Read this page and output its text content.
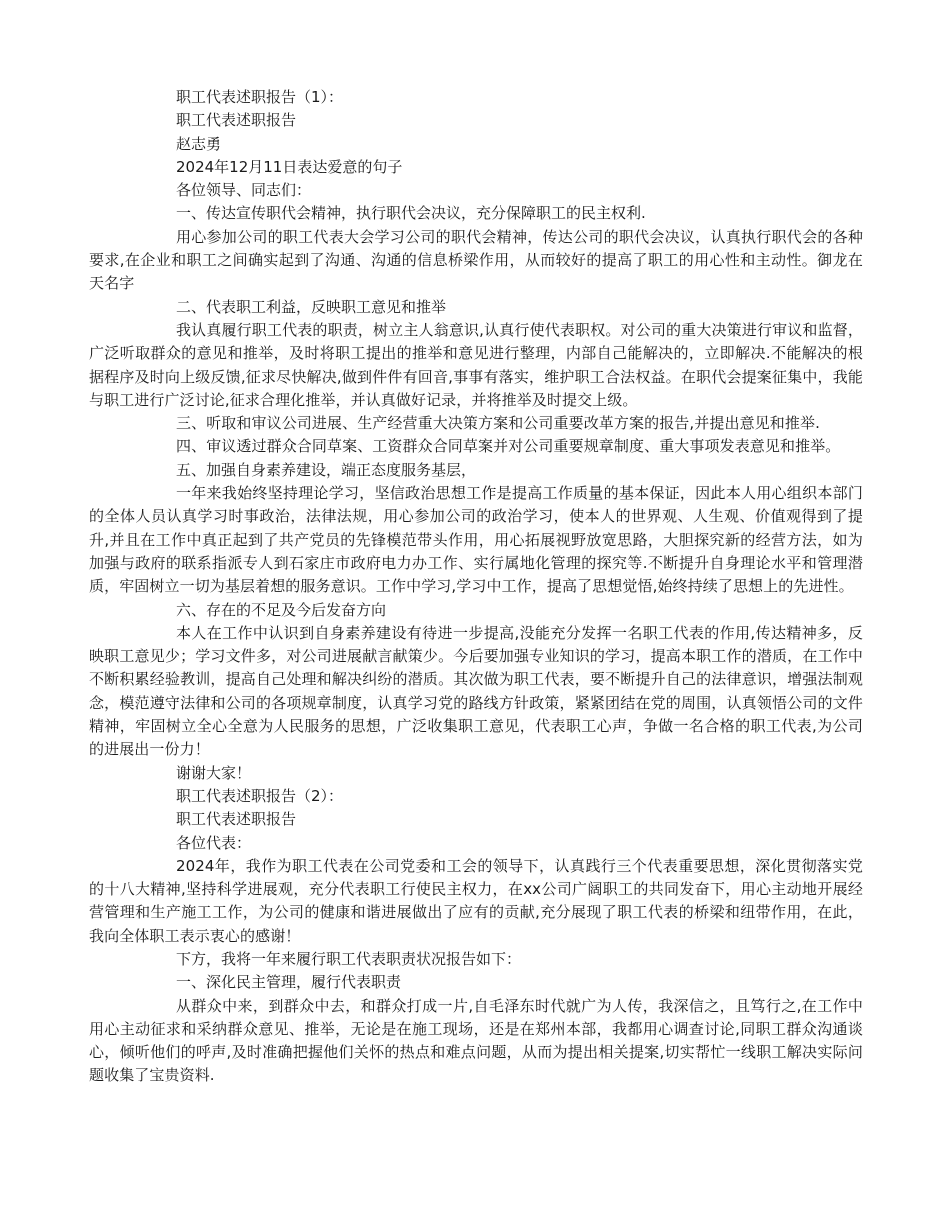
职工代表述职报告（1）：

职工代表述职报告

赵志勇

2024年12月11日表达爱意的句子

各位领导、同志们：

一、传达宣传职代会精神，执行职代会决议，充分保障职工的民主权利.

用心参加公司的职工代表大会学习公司的职代会精神，传达公司的职代会决议，认真执行职代会的各种要求,在企业和职工之间确实起到了沟通、沟通的信息桥梁作用，从而较好的提高了职工的用心性和主动性。御龙在天名字

二、代表职工利益，反映职工意见和推举

我认真履行职工代表的职责，树立主人翁意识,认真行使代表职权。对公司的重大决策进行审议和监督，广泛听取群众的意见和推举，及时将职工提出的推举和意见进行整理，内部自己能解决的，立即解决.不能解决的根据程序及时向上级反馈,征求尽快解决,做到件件有回音,事事有落实，维护职工合法权益。在职代会提案征集中，我能与职工进行广泛讨论,征求合理化推举，并认真做好记录，并将推举及时提交上级。

三、听取和审议公司进展、生产经营重大决策方案和公司重要改革方案的报告,并提出意见和推举.

四、审议透过群众合同草案、工资群众合同草案并对公司重要规章制度、重大事项发表意见和推举。

五、加强自身素养建设，端正态度服务基层，

一年来我始终坚持理论学习，坚信政治思想工作是提高工作质量的基本保证，因此本人用心组织本部门的全体人员认真学习时事政治，法律法规，用心参加公司的政治学习，使本人的世界观、人生观、价值观得到了提升,并且在工作中真正起到了共产党员的先锋模范带头作用，用心拓展视野放宽思路，大胆探究新的经营方法，如为加强与政府的联系指派专人到石家庄市政府电力办工作、实行属地化管理的探究等.不断提升自身理论水平和管理潜质，牢固树立一切为基层着想的服务意识。工作中学习,学习中工作，提高了思想觉悟,始终持续了思想上的先进性。

六、存在的不足及今后发奋方向

本人在工作中认识到自身素养建设有待进一步提高,没能充分发挥一名职工代表的作用,传达精神多，反映职工意见少；学习文件多，对公司进展献言献策少。今后要加强专业知识的学习，提高本职工作的潜质，在工作中不断积累经验教训，提高自己处理和解决纠纷的潜质。其次做为职工代表，要不断提升自己的法律意识，增强法制观念，模范遵守法律和公司的各项规章制度，认真学习党的路线方针政策，紧紧团结在党的周围，认真领悟公司的文件精神，牢固树立全心全意为人民服务的思想，广泛收集职工意见，代表职工心声，争做一名合格的职工代表,为公司的进展出一份力！

谢谢大家！

职工代表述职报告（2）：

职工代表述职报告

各位代表：

2024年，我作为职工代表在公司党委和工会的领导下，认真践行三个代表重要思想，深化贯彻落实党的十八大精神,坚持科学进展观，充分代表职工行使民主权力，在xx公司广阔职工的共同发奋下，用心主动地开展经营管理和生产施工工作，为公司的健康和谐进展做出了应有的贡献,充分展现了职工代表的桥梁和纽带作用，在此，我向全体职工表示衷心的感谢！

下方，我将一年来履行职工代表职责状况报告如下：

一、深化民主管理，履行代表职责

从群众中来，到群众中去，和群众打成一片,自毛泽东时代就广为人传，我深信之，且笃行之,在工作中用心主动征求和采纳群众意见、推举，无论是在施工现场，还是在郑州本部，我都用心调查讨论,同职工群众沟通谈心，倾听他们的呼声,及时准确把握他们关怀的热点和难点问题，从而为提出相关提案,切实帮忙一线职工解决实际问题收集了宝贵资料.
